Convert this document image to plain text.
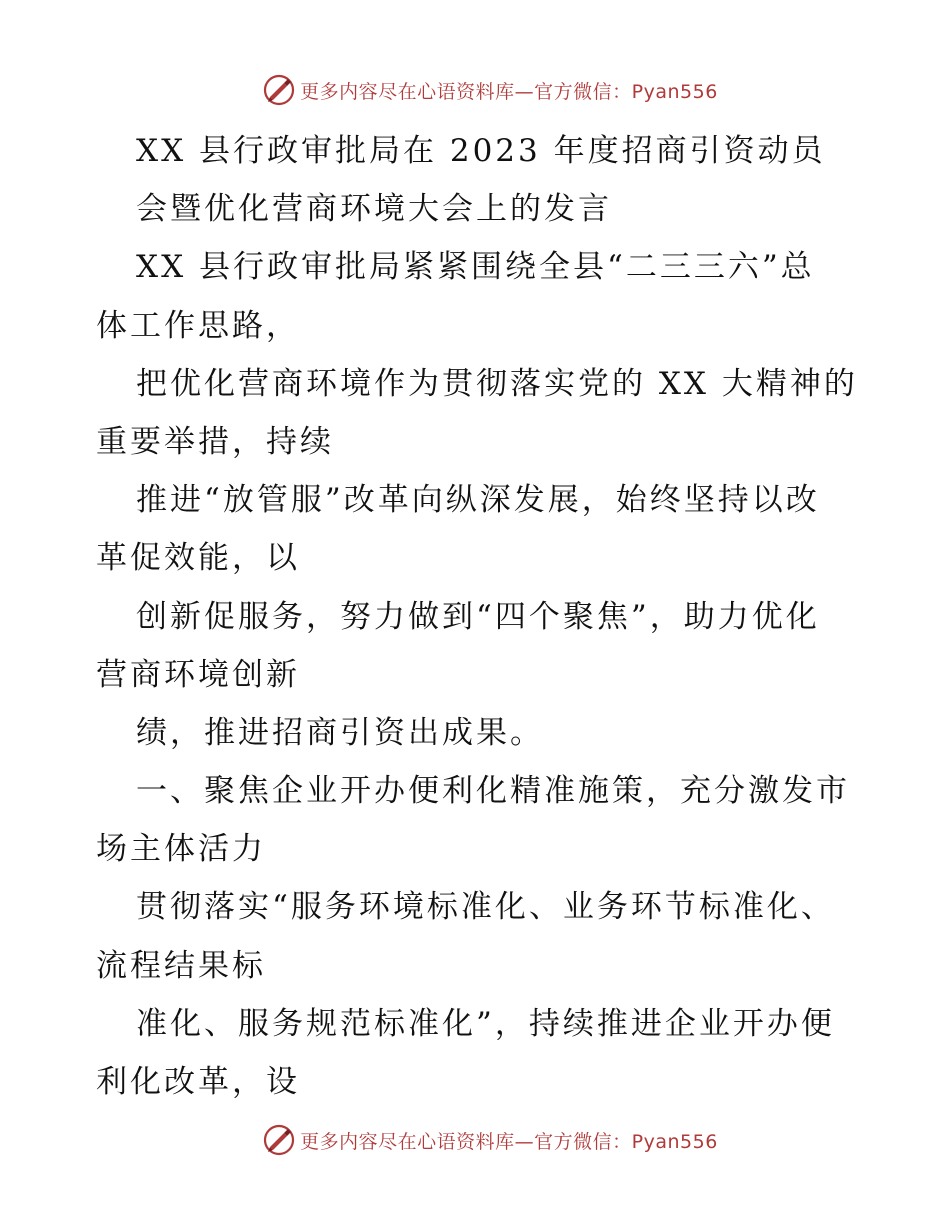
更多内容尽在心语资料库—官方微信：Pyan556
XX 县行政审批局在 2023 年度招商引资动员
会暨优化营商环境大会上的发言
XX 县行政审批局紧紧围绕全县“二三三六”总
体工作思路，
把优化营商环境作为贯彻落实党的 XX 大精神的
重要举措，持续
推进“放管服”改革向纵深发展，始终坚持以改
革促效能，以
创新促服务，努力做到“四个聚焦”，助力优化
营商环境创新
绩，推进招商引资出成果。
一、聚焦企业开办便利化精准施策，充分激发市
场主体活力
贯彻落实“服务环境标准化、业务环节标准化、
流程结果标
准化、服务规范标准化”，持续推进企业开办便
利化改革，设
更多内容尽在心语资料库—官方微信：Pyan556
